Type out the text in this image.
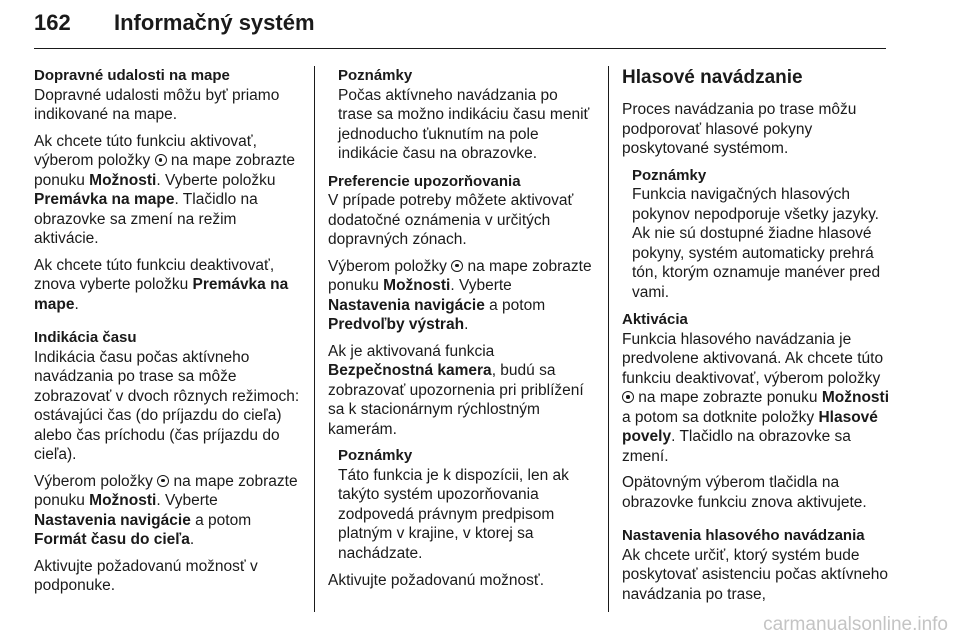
162 Informačný systém
Dopravné udalosti na mape

Dopravné udalosti môžu byť priamo indikované na mape.

Ak chcete túto funkciu aktivovať, výberom položky  na mape zobrazte ponuku Možnosti. Vyberte položku Premávka na mape. Tlačidlo na obrazovke sa zmení na režim aktivácie.

Ak chcete túto funkciu deaktivovať, znova vyberte položku Premávka na mape.

Indikácia času

Indikácia času počas aktívneho navádzania po trase sa môže zobrazovať v dvoch rôznych režimoch: ostávajúci čas (do príjazdu do cieľa) alebo čas príchodu (čas príjazdu do cieľa).

Výberom položky  na mape zobrazte ponuku Možnosti. Vyberte Nastavenia navigácie a potom Formát času do cieľa.

Aktivujte požadovanú možnosť v podponuke.

Poznámky
Počas aktívneho navádzania po trase sa možno indikáciu času meniť jednoducho ťuknutím na pole indikácie času na obrazovke.
Preferencie upozorňovania

V prípade potreby môžete aktivovať dodatočné oznámenia v určitých dopravných zónach.

Výberom položky  na mape zobrazte ponuku Možnosti. Vyberte Nastavenia navigácie a potom Predvoľby výstrah.

Ak je aktivovaná funkcia Bezpečnostná kamera, budú sa zobrazovať upozornenia pri priblížení sa k stacionárnym rýchlostným kamerám.

Poznámky
Táto funkcia je k dispozícii, len ak takýto systém upozorňovania zodpovedá právnym predpisom platným v krajine, v ktorej sa nachádzate.

Aktivujte požadovanú možnosť.

Hlasové navádzanie

Proces navádzania po trase môžu podporovať hlasové pokyny poskytované systémom.

Poznámky
Funkcia navigačných hlasových pokynov nepodporuje všetky jazyky. Ak nie sú dostupné žiadne hlasové pokyny, systém automaticky prehrá tón, ktorým oznamuje manéver pred vami.
Aktivácia

Funkcia hlasového navádzania je predvolene aktivovaná. Ak chcete túto funkciu deaktivovať, výberom položky  na mape zobrazte ponuku Možnosti a potom sa dotknite položky Hlasové povely. Tlačidlo na obrazovke sa zmení.

Opätovným výberom tlačidla na obrazovke funkciu znova aktivujete.

Nastavenia hlasového navádzania

Ak chcete určiť, ktorý systém bude poskytovať asistenciu počas aktívneho navádzania po trase,

carmanualsonline.info
